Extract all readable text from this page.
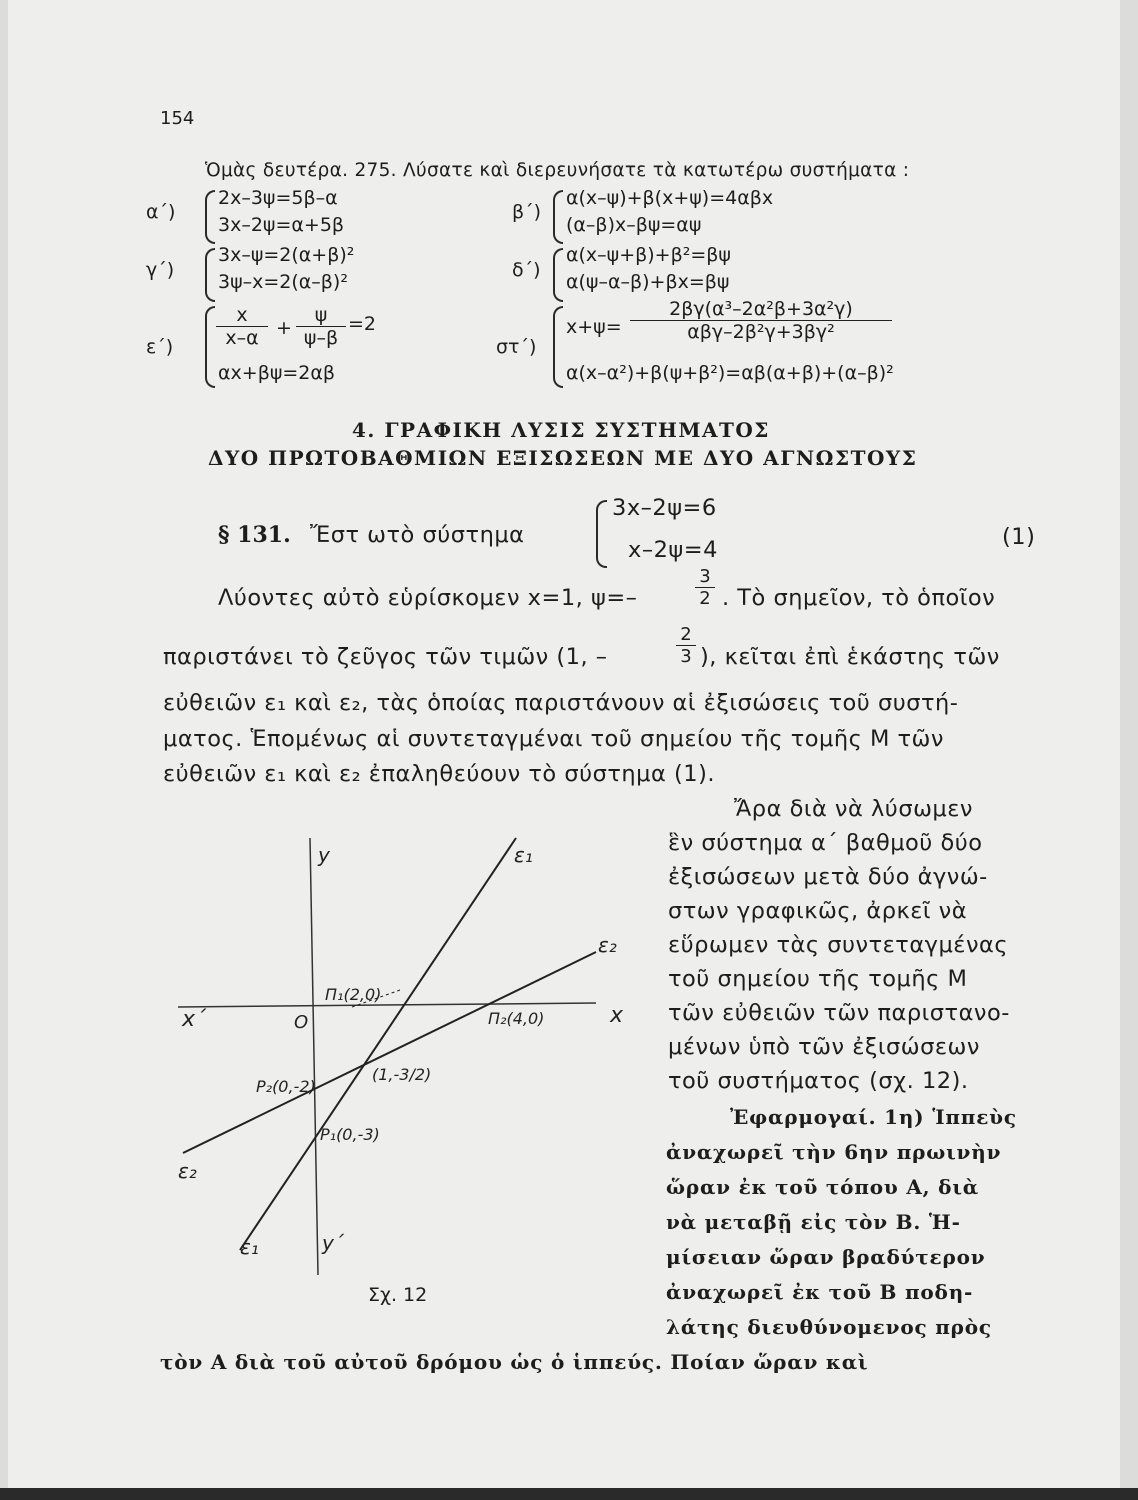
154
Ὁμὰς δευτέρα. 275. Λύσατε καὶ διερευνήσατε τὰ κατωτέρω συστήματα :
α΄)
2x–3ψ=5β–α
3x–2ψ=α+5β
β΄)
α(x–ψ)+β(x+ψ)=4αβx
(α–β)x–βψ=αψ
γ΄)
3x–ψ=2(α+β)²
3ψ–x=2(α–β)²
δ΄)
α(x–ψ+β)+β²=βψ
α(ψ–α–β)+βx=βψ
ε΄)
x
x–α +
ψ
ψ–β
=2
αx+βψ=2αβ
στ΄)
x+ψ=
2βγ(α³–2α²β+3α²γ)
αβγ–2β²γ+3βγ²
α(x–α²)+β(ψ+β²)=αβ(α+β)+(α–β)²
4. ΓΡΑΦΙΚΗ ΛΥΣΙΣ ΣΥΣΤΗΜΑΤΟΣ
ΔΥΟ ΠΡΩΤΟΒΑΘΜΙΩΝ ΕΞΙΣΩΣΕΩΝ ΜΕ ΔΥΟ ΑΓΝΩΣΤΟΥΣ
§ 131. Ἔστ ωτὸ σύστημα
3x–2ψ=6
x–2ψ=4	(1)
Λύοντες αὐτὸ εὑρίσκομεν x=1, ψ=–
3
2 . Τὸ σημεῖον, τὸ ὁποῖον
παριστάνει τὸ ζεῦγος τῶν τιμῶν (1, –
2
3 ), κεῖται ἐπὶ ἑκάστης τῶν
εὐθειῶν ε₁ καὶ ε₂, τὰς ὁποίας παριστάνουν αἱ ἐξισώσεις τοῦ συστή-
ματος. Ἑπομένως αἱ συντεταγμέναι τοῦ σημείου τῆς τομῆς Μ τῶν
εὐθειῶν ε₁ καὶ ε₂ ἐπαληθεύουν τὸ σύστημα (1).
Ἄρα διὰ νὰ λύσωμεν
ἓν σύστημα α΄ βαθμοῦ δύο
ἐξισώσεων μετὰ δύο ἀγνώ-
στων γραφικῶς, ἀρκεῖ νὰ
εὕρωμεν τὰς συντεταγμένας
τοῦ σημείου τῆς τομῆς Μ
τῶν εὐθειῶν τῶν παριστανο-
μένων ὑπὸ τῶν ἐξισώσεων
τοῦ συστήματος (σχ. 12).
Ἐφαρμογαί. 1η) Ἱππεὺς
ἀναχωρεῖ τὴν 6ην πρωινὴν
ὥραν ἐκ τοῦ τόπου Α, διὰ
νὰ μεταβῇ εἰς τὸν Β. Ἡ-
μίσειαν ὥραν βραδύτερον
ἀναχωρεῖ ἐκ τοῦ Β ποδη-
λάτης διευθύνομενος πρὸς
τὸν Α διὰ τοῦ αὐτοῦ δρόμου ὡς ὁ ἱππεύς. Ποίαν ὥραν καὶ
y
y΄
x
x΄	O
ε₁
ε₁
ε₂
ε₂
Π₁(2,0)
Π₂(4,0)
(1,-3/2)
P₂(0,-2)
P₁(0,-3)
Σχ. 12
